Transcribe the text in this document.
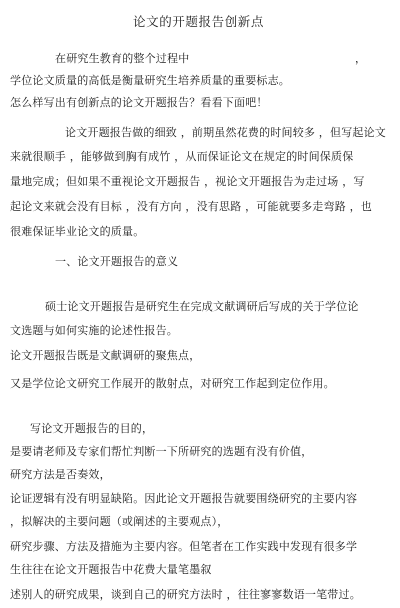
论文的开题报告创新点
在研究生教育的整个过程中	，
学位论文质量的高低是衡量研究生培养质量的重要标志。
怎么样写出有创新点的论文开题报告？看看下面吧！
论文开题报告做的细致 ，前期虽然花费的时间较多 ，但写起论文
来就很顺手 ，能够做到胸有成竹 ，从而保证论文在规定的时间保质保
量地完成；但如果不重视论文开题报告 ，视论文开题报告为走过场 ，写
起论文来就会没有目标 ，没有方向 ，没有思路 ，可能就要多走弯路 ，也
很难保证毕业论文的质量。
一、论文开题报告的意义
硕士论文开题报告是研究生在完成文献调研后写成的关于学位论
文选题与如何实施的论述性报告。
论文开题报告既是文献调研的聚焦点，
又是学位论文研究工作展开的散射点，对研究工作起到定位作用。
写论文开题报告的目的，
是要请老师及专家们帮忙判断一下所研究的选题有没有价值，
研究方法是否奏效，
论证逻辑有没有明显缺陷。因此论文开题报告就要围绕研究的主要内容
，拟解决的主要问题（或阐述的主要观点），
研究步骤、方法及措施为主要内容。但笔者在工作实践中发现有很多学
生往往在论文开题报告中花费大量笔墨叙
述别人的研究成果，谈到自己的研究方法时 ，往往寥寥数语一笔带过。
